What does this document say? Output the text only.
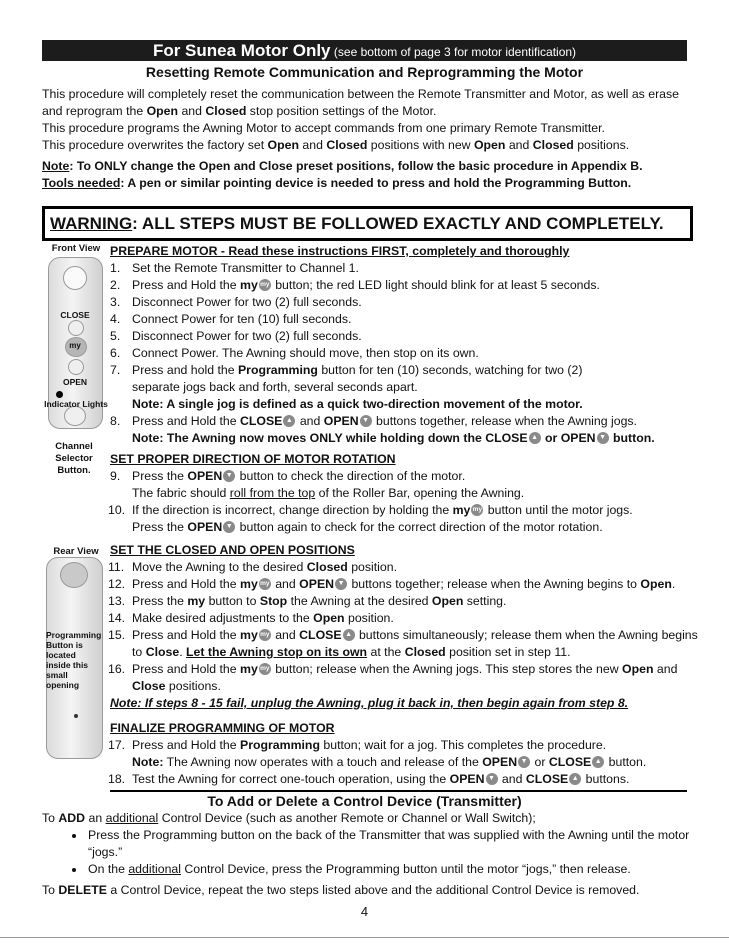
For Sunea Motor Only (see bottom of page 3 for motor identification)
Resetting Remote Communication and Reprogramming the Motor

This procedure will completely reset the communication between the Remote Transmitter and Motor, as well as erase and reprogram the Open and Closed stop position settings of the Motor.

This procedure programs the Awning Motor to accept commands from one primary Remote Transmitter.

This procedure overwrites the factory set Open and Closed positions with new Open and Closed positions.

Note: To ONLY change the Open and Close preset positions, follow the basic procedure in Appendix B.

Tools needed: A pen or similar pointing device is needed to press and hold the Programming Button.

WARNING: ALL STEPS MUST BE FOLLOWED EXACTLY AND COMPLETELY.
Front View
CLOSE
my
OPEN
Indicator Lights
Channel Selector Button.
Rear View
Programming Button is located inside this small opening
PREPARE MOTOR - Read these instructions FIRST, completely and thoroughly
1. Set the Remote Transmitter to Channel 1.
2. Press and Hold the my my button; the red LED light should blink for at least 5 seconds.
3. Disconnect Power for two (2) full seconds.
4. Connect Power for ten (10) full seconds.
5. Disconnect Power for two (2) full seconds.
6. Connect Power. The Awning should move, then stop on its own.
7. Press and hold the Programming button for ten (10) seconds, watching for two (2) separate jogs back and forth, several seconds apart.
Note: A single jog is defined as a quick two-direction movement of the motor.
8. Press and Hold the CLOSE ▲ and OPEN ▼ buttons together, release when the Awning jogs.
Note: The Awning now moves ONLY while holding down the CLOSE ▲ or OPEN ▼ button.
SET PROPER DIRECTION OF MOTOR ROTATION
9. Press the OPEN ▼ button to check the direction of the motor.
The fabric should roll from the top of the Roller Bar, opening the Awning.
10. If the direction is incorrect, change direction by holding the my my button until the motor jogs.
Press the OPEN ▼ button again to check for the correct direction of the motor rotation.
SET THE CLOSED AND OPEN POSITIONS
11. Move the Awning to the desired Closed position.
12. Press and Hold the my my and OPEN ▼ buttons together; release when the Awning begins to Open.
13. Press the my button to Stop the Awning at the desired Open setting.
14. Make desired adjustments to the Open position.
15. Press and Hold the my my and CLOSE ▲ buttons simultaneously; release them when the Awning begins to Close. Let the Awning stop on its own at the Closed position set in step 11.
16. Press and Hold the my my button; release when the Awning jogs. This step stores the new Open and Close positions.
Note: If steps 8 - 15 fail, unplug the Awning, plug it back in, then begin again from step 8.
FINALIZE PROGRAMMING OF MOTOR
17. Press and Hold the Programming button; wait for a jog. This completes the procedure.
Note: The Awning now operates with a touch and release of the OPEN ▼ or CLOSE ▲ button.
18. Test the Awning for correct one-touch operation, using the OPEN ▼ and CLOSE ▲ buttons.
To Add or Delete a Control Device (Transmitter)

To ADD an additional Control Device (such as another Remote or Channel or Wall Switch);

• Press the Programming button on the back of the Transmitter that was supplied with the Awning until the motor “jogs.”
• On the additional Control Device, press the Programming button until the motor “jogs,” then release.

To DELETE a Control Device, repeat the two steps listed above and the additional Control Device is removed.

4
